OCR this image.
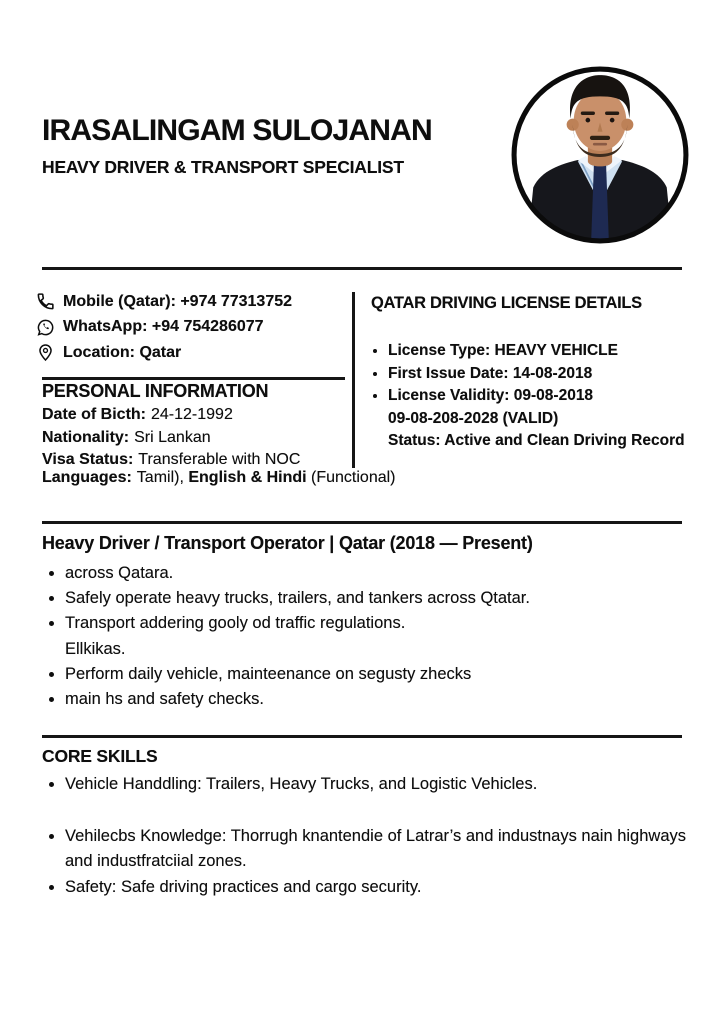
IRASALINGAM SULOJANAN
HEAVY DRIVER & TRANSPORT SPECIALIST
Mobile (Qatar): +974 77313752
WhatsApp: +94 754286077
Location: Qatar
PERSONAL INFORMATION
Date of Bicth: 24-12-1992
Nationality: Sri Lankan
Visa Status: Transferable with NOC
Languages: Tamil), English & Hindi (Functional)
QATAR DRIVING LICENSE DETAILS
• License Type: HEAVY VEHICLE
• First Issue Date: 14-08-2018
• License Validity: 09-08-2018
09-08-208-2028 (VALID)
Status: Active and Clean Driving Record
Heavy Driver / Transport Operator | Qatar (2018 — Present)
• across Qatara.
• Safely operate heavy trucks, trailers, and tankers across Qtatar.
• Transport addering gooly od traffic regulations.
Ellkikas.
• Perform daily vehicle, mainteenance on segusty zhecks
• main hs and safety checks.
CORE SKILLS
• Vehicle Handdling: Trailers, Heavy Trucks, and Logistic Vehicles.
• Vehilecbs Knowledge: Thorrugh knantendie of Latrar’s and industnays nain highways and industfratciial zones.
• Safety: Safe driving practices and cargo security.
